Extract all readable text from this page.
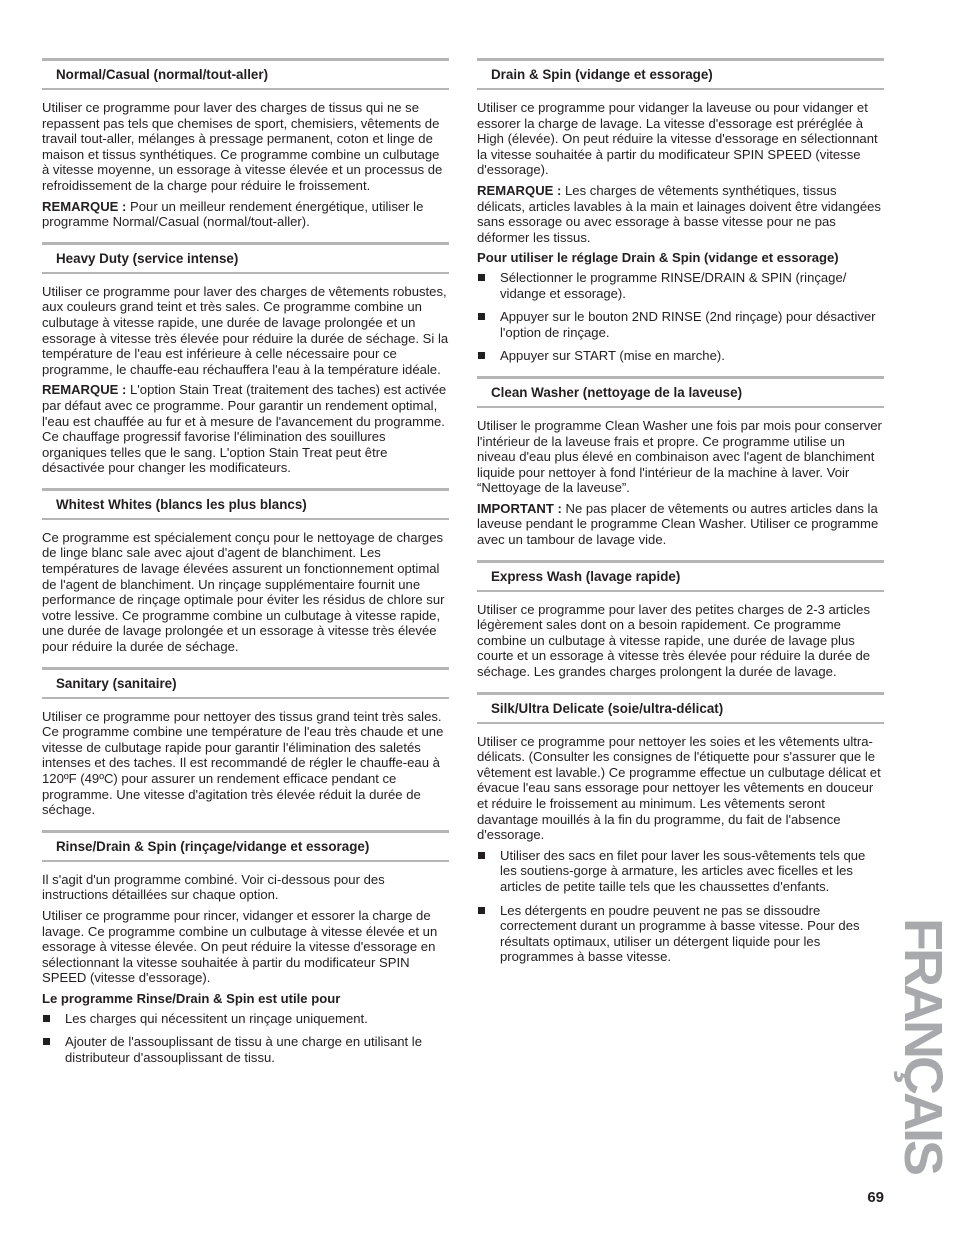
Normal/Casual (normal/tout-aller)

Utiliser ce programme pour laver des charges de tissus qui ne se repassent pas tels que chemises de sport, chemisiers, vêtements de travail tout-aller, mélanges à pressage permanent, coton et linge de maison et tissus synthétiques. Ce programme combine un culbutage à vitesse moyenne, un essorage à vitesse élevée et un processus de refroidissement de la charge pour réduire le froissement.

REMARQUE : Pour un meilleur rendement énergétique, utiliser le programme Normal/Casual (normal/tout-aller).

Heavy Duty (service intense)

Utiliser ce programme pour laver des charges de vêtements robustes, aux couleurs grand teint et très sales. Ce programme combine un culbutage à vitesse rapide, une durée de lavage prolongée et un essorage à vitesse très élevée pour réduire la durée de séchage. Si la température de l'eau est inférieure à celle nécessaire pour ce programme, le chauffe-eau réchauffera l'eau à la température idéale.

REMARQUE : L'option Stain Treat (traitement des taches) est activée par défaut avec ce programme. Pour garantir un rendement optimal, l'eau est chauffée au fur et à mesure de l'avancement du programme. Ce chauffage progressif favorise l'élimination des souillures organiques telles que le sang. L'option Stain Treat peut être désactivée pour changer les modificateurs.

Whitest Whites (blancs les plus blancs)

Ce programme est spécialement conçu pour le nettoyage de charges de linge blanc sale avec ajout d'agent de blanchiment. Les températures de lavage élevées assurent un fonctionnement optimal de l'agent de blanchiment. Un rinçage supplémentaire fournit une performance de rinçage optimale pour éviter les résidus de chlore sur votre lessive. Ce programme combine un culbutage à vitesse rapide, une durée de lavage prolongée et un essorage à vitesse très élevée pour réduire la durée de séchage.

Sanitary (sanitaire)

Utiliser ce programme pour nettoyer des tissus grand teint très sales. Ce programme combine une température de l'eau très chaude et une vitesse de culbutage rapide pour garantir l'élimination des saletés intenses et des taches. Il est recommandé de régler le chauffe-eau à 120ºF (49ºC) pour assurer un rendement efficace pendant ce programme. Une vitesse d'agitation très élevée réduit la durée de séchage.

Rinse/Drain & Spin (rinçage/vidange et essorage)

Il s'agit d'un programme combiné. Voir ci-dessous pour des instructions détaillées sur chaque option.

Utiliser ce programme pour rincer, vidanger et essorer la charge de lavage. Ce programme combine un culbutage à vitesse élevée et un essorage à vitesse élevée. On peut réduire la vitesse d'essorage en sélectionnant la vitesse souhaitée à partir du modificateur SPIN SPEED (vitesse d'essorage).

Le programme Rinse/Drain & Spin est utile pour

Les charges qui nécessitent un rinçage uniquement.
Ajouter de l'assouplissant de tissu à une charge en utilisant le distributeur d'assouplissant de tissu.
Drain & Spin (vidange et essorage)

Utiliser ce programme pour vidanger la laveuse ou pour vidanger et essorer la charge de lavage. La vitesse d'essorage est préréglée à High (élevée). On peut réduire la vitesse d'essorage en sélectionnant la vitesse souhaitée à partir du modificateur SPIN SPEED (vitesse d'essorage).

REMARQUE : Les charges de vêtements synthétiques, tissus délicats, articles lavables à la main et lainages doivent être vidangées sans essorage ou avec essorage à basse vitesse pour ne pas déformer les tissus.

Pour utiliser le réglage Drain & Spin (vidange et essorage)

Sélectionner le programme RINSE/DRAIN & SPIN (rinçage/ vidange et essorage).
Appuyer sur le bouton 2ND RINSE (2nd rinçage) pour désactiver l'option de rinçage.
Appuyer sur START (mise en marche).
Clean Washer (nettoyage de la laveuse)

Utiliser le programme Clean Washer une fois par mois pour conserver l'intérieur de la laveuse frais et propre. Ce programme utilise un niveau d'eau plus élevé en combinaison avec l'agent de blanchiment liquide pour nettoyer à fond l'intérieur de la machine à laver. Voir “Nettoyage de la laveuse”.

IMPORTANT : Ne pas placer de vêtements ou autres articles dans la laveuse pendant le programme Clean Washer. Utiliser ce programme avec un tambour de lavage vide.

Express Wash (lavage rapide)

Utiliser ce programme pour laver des petites charges de 2-3 articles légèrement sales dont on a besoin rapidement. Ce programme combine un culbutage à vitesse rapide, une durée de lavage plus courte et un essorage à vitesse très élevée pour réduire la durée de séchage. Les grandes charges prolongent la durée de lavage.

Silk/Ultra Delicate (soie/ultra-délicat)

Utiliser ce programme pour nettoyer les soies et les vêtements ultra-délicats. (Consulter les consignes de l'étiquette pour s'assurer que le vêtement est lavable.) Ce programme effectue un culbutage délicat et évacue l'eau sans essorage pour nettoyer les vêtements en douceur et réduire le froissement au minimum. Les vêtements seront davantage mouillés à la fin du programme, du fait de l'absence d'essorage.

Utiliser des sacs en filet pour laver les sous-vêtements tels que les soutiens-gorge à armature, les articles avec ficelles et les articles de petite taille tels que les chaussettes d'enfants.
Les détergents en poudre peuvent ne pas se dissoudre correctement durant un programme à basse vitesse. Pour des résultats optimaux, utiliser un détergent liquide pour les programmes à basse vitesse.	FRANÇAIS
69
